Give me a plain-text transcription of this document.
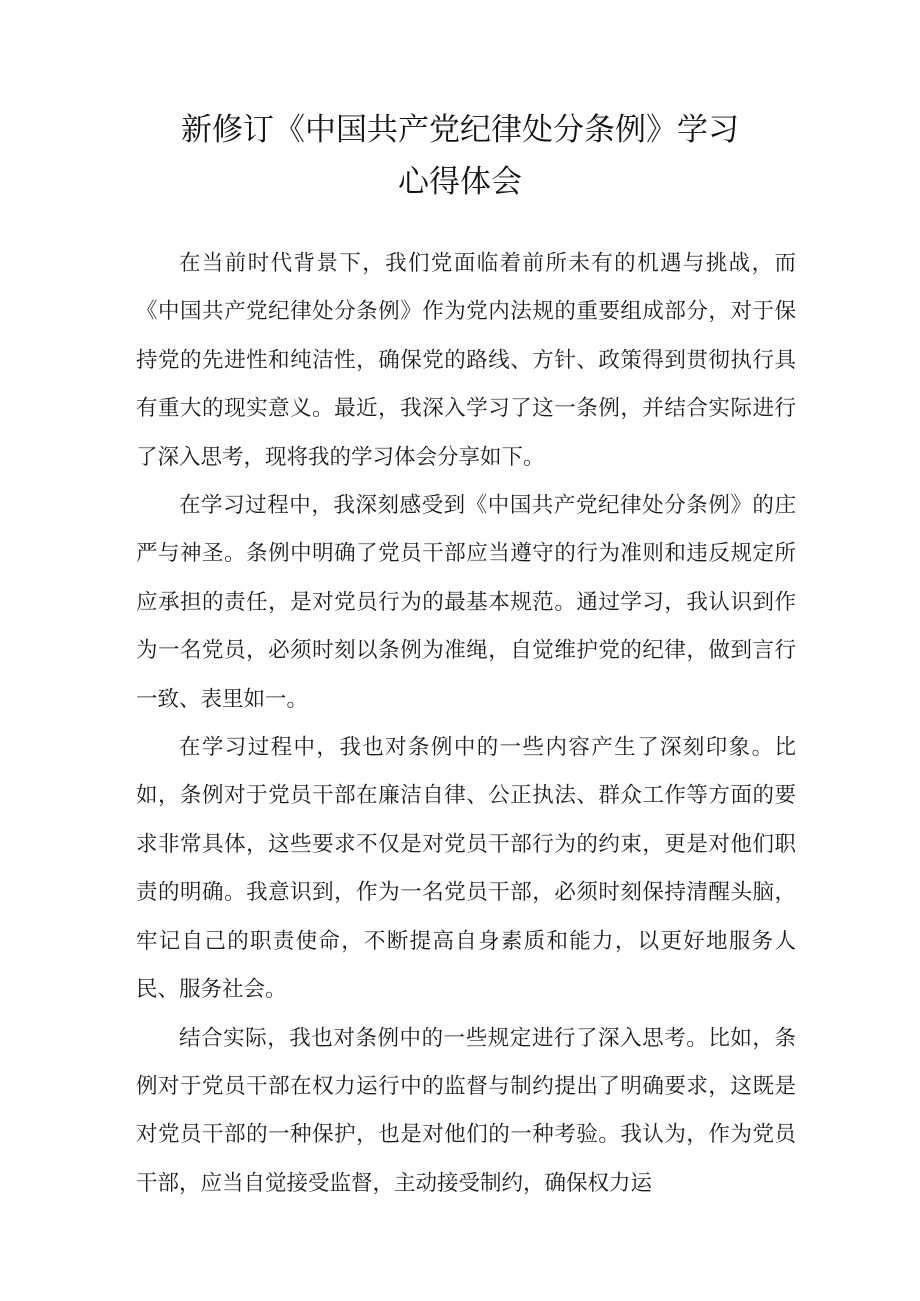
新修订《中国共产党纪律处分条例》学习
心得体会

在当前时代背景下，我们党面临着前所未有的机遇与挑战，而《中国共产党纪律处分条例》作为党内法规的重要组成部分，对于保持党的先进性和纯洁性，确保党的路线、方针、政策得到贯彻执行具有重大的现实意义。最近，我深入学习了这一条例，并结合实际进行了深入思考，现将我的学习体会分享如下。

在学习过程中，我深刻感受到《中国共产党纪律处分条例》的庄严与神圣。条例中明确了党员干部应当遵守的行为准则和违反规定所应承担的责任，是对党员行为的最基本规范。通过学习，我认识到作为一名党员，必须时刻以条例为准绳，自觉维护党的纪律，做到言行一致、表里如一。

在学习过程中，我也对条例中的一些内容产生了深刻印象。比如，条例对于党员干部在廉洁自律、公正执法、群众工作等方面的要求非常具体，这些要求不仅是对党员干部行为的约束，更是对他们职责的明确。我意识到，作为一名党员干部，必须时刻保持清醒头脑，牢记自己的职责使命，不断提高自身素质和能力，以更好地服务人民、服务社会。

结合实际，我也对条例中的一些规定进行了深入思考。比如，条例对于党员干部在权力运行中的监督与制约提出了明确要求，这既是对党员干部的一种保护，也是对他们的一种考验。我认为，作为党员干部，应当自觉接受监督，主动接受制约，确保权力运
